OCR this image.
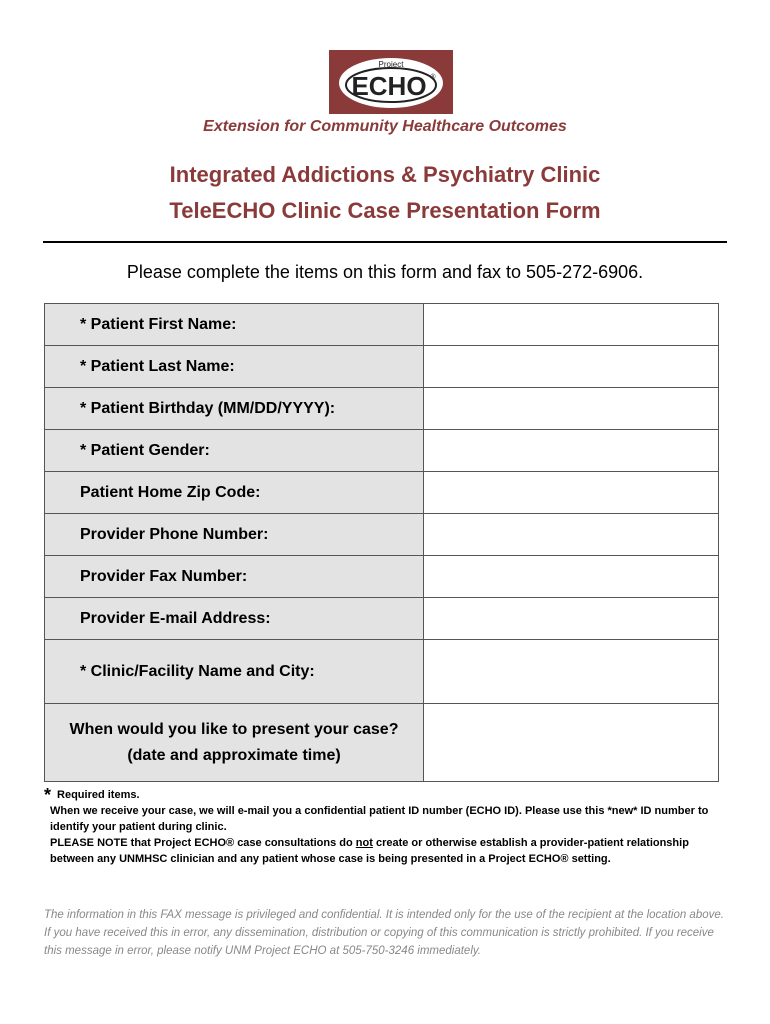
Project
ECHO ®
Extension for Community Healthcare Outcomes
Integrated Addictions & Psychiatry Clinic
TeleECHO Clinic Case Presentation Form
Please complete the items on this form and fax to 505-272-6906.
* Patient First Name:	
* Patient Last Name:	
* Patient Birthday (MM/DD/YYYY):	
* Patient Gender:	
Patient Home Zip Code:	
Provider Phone Number:	
Provider Fax Number:	
Provider E-mail Address:	
* Clinic/Facility Name and City:	

When would you like to present your case?
(date and approximate time)	

* Required items.

When we receive your case, we will e-mail you a confidential patient ID number (ECHO ID). Please use this *new* ID number to identify your patient during clinic.

PLEASE NOTE that Project ECHO® case consultations do not create or otherwise establish a provider-patient relationship between any UNMHSC clinician and any patient whose case is being presented in a Project ECHO® setting.

The information in this FAX message is privileged and confidential. It is intended only for the use of the recipient at the location above. If you have received this in error, any dissemination, distribution or copying of this communication is strictly prohibited. If you receive this message in error, please notify UNM Project ECHO at 505-750-3246 immediately.
